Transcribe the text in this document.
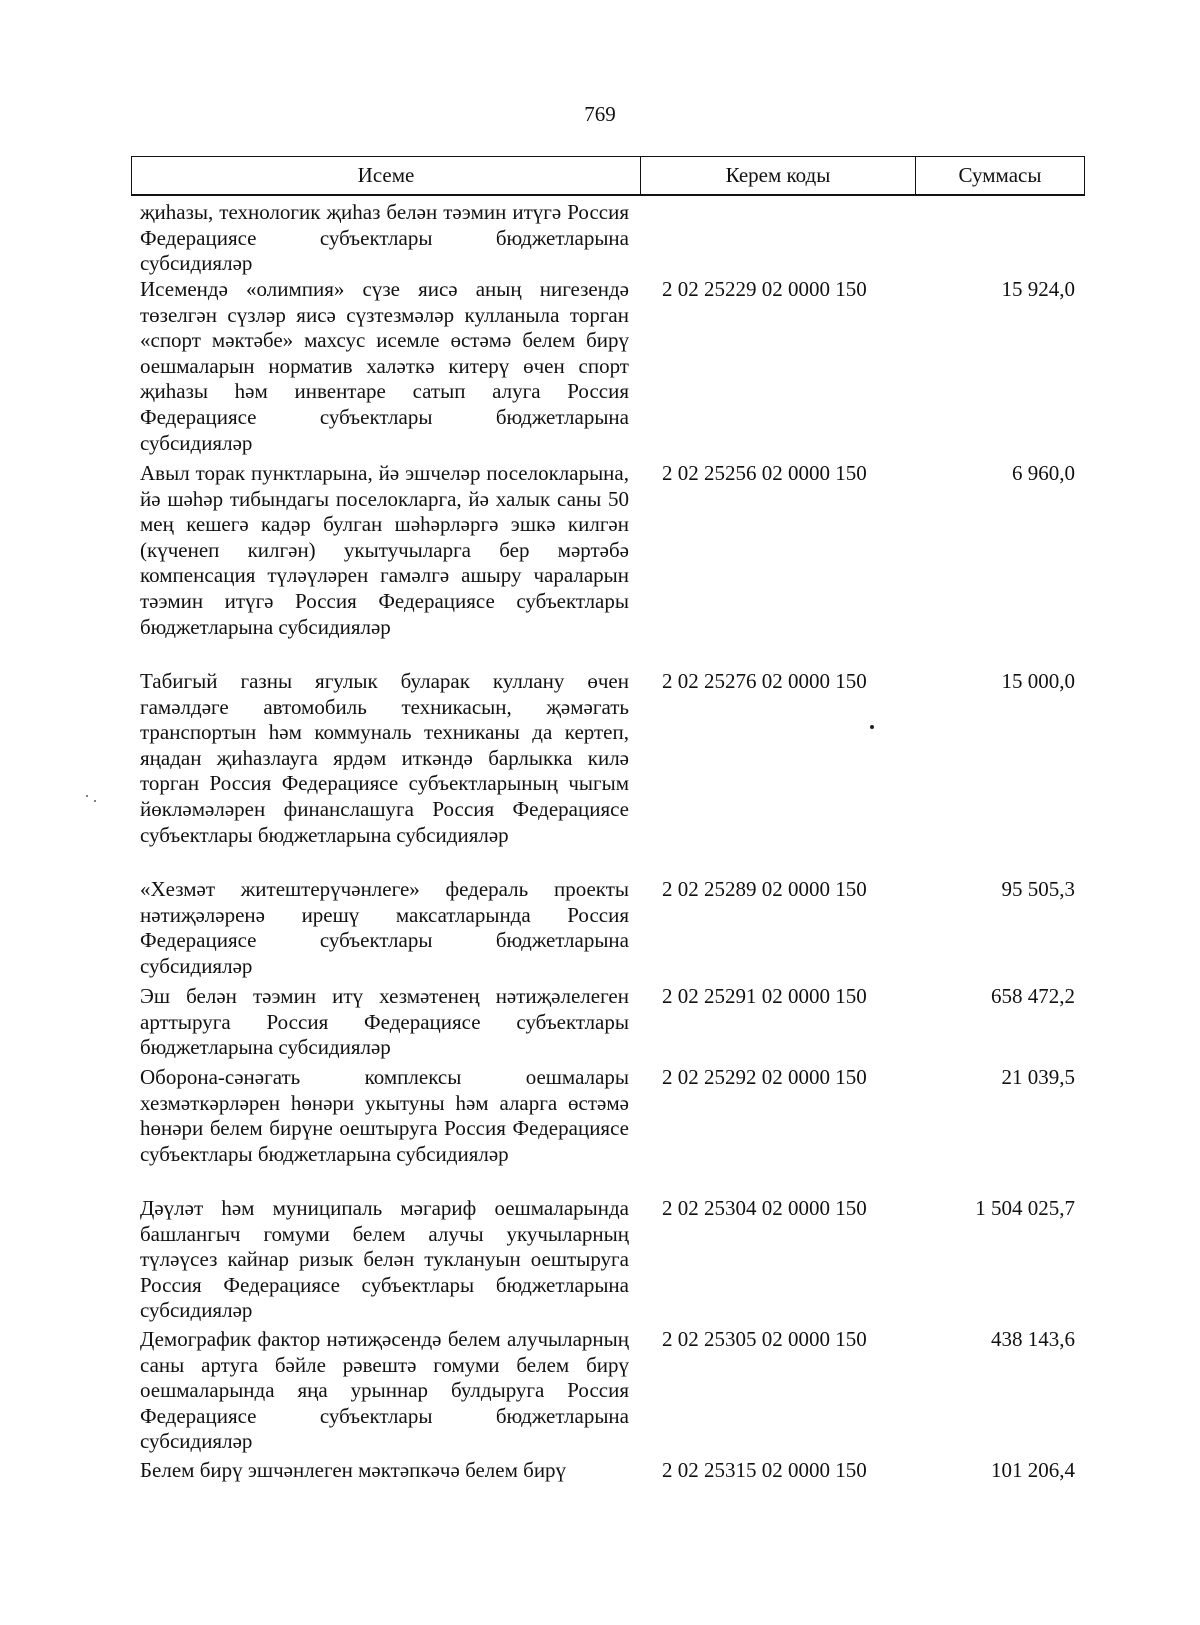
769
Исеме	Керем коды	Суммасы
җиһазы, технологик җиһаз белән тәэмин итүгә Россия Федерациясе субъектлары бюджетларына субсидияләр
Исемендә «олимпия» сүзе яисә аның нигезендә төзелгән сүзләр яисә сүзтезмәләр кулланыла торган «спорт мәктәбе» махсус исемле өстәмә белем бирү оешмаларын норматив халәткә китерү өчен спорт җиһазы һәм инвентаре сатып алуга Россия Федерациясе субъектлары бюджетларына субсидияләр
2 02 25229 02 0000 150	15 924,0
Авыл торак пунктларына, йә эшчеләр поселокларына, йә шәһәр тибындагы поселокларга, йә халык саны 50 мең кешегә кадәр булган шәһәрләргә эшкә килгән (күченеп килгән) укытучыларга бер мәртәбә компенсация түләүләрен гамәлгә ашыру чараларын тәэмин итүгә Россия Федерациясе субъектлары бюджетларына субсидияләр
2 02 25256 02 0000 150	6 960,0
Табигый газны ягулык буларак куллану өчен гамәлдәге автомобиль техникасын, җәмәгать транспортын һәм коммуналь техниканы да кертеп, яңадан җиһазлауга ярдәм иткәндә барлыкка килә торган Россия Федерациясе субъектларының чыгым йөкләмәләрен финанслашуга Россия Федерациясе субъектлары бюджетларына субсидияләр
2 02 25276 02 0000 150	15 000,0
«Хезмәт житештерүчәнлеге» федераль проекты нәтиҗәләренә ирешү максатларында Россия Федерациясе субъектлары бюджетларына субсидияләр
2 02 25289 02 0000 150	95 505,3
Эш белән тәэмин итү хезмәтенең нәтиҗәлелеген арттыруга Россия Федерациясе субъектлары бюджетларына субсидияләр
2 02 25291 02 0000 150	658 472,2
Оборона-сәнәгать комплексы оешмалары хезмәткәрләрен һөнәри укытуны һәм аларга өстәмә һөнәри белем бирүне оештыруга Россия Федерациясе субъектлары бюджетларына субсидияләр
2 02 25292 02 0000 150	21 039,5
Дәүләт һәм муниципаль мәгариф оешмаларында башлангыч гомуми белем алучы укучыларның түләүсез кайнар ризык белән туклануын оештыруга Россия Федерациясе субъектлары бюджетларына субсидияләр
2 02 25304 02 0000 150	1 504 025,7
Демографик фактор нәтиҗәсендә белем алучыларның саны артуга бәйле рәвештә гомуми белем бирү оешмаларында яңа урыннар булдыруга Россия Федерациясе субъектлары бюджетларына субсидияләр
2 02 25305 02 0000 150	438 143,6
Белем бирү эшчәнлеген мәктәпкәчә белем бирү	2 02 25315 02 0000 150	101 206,4
